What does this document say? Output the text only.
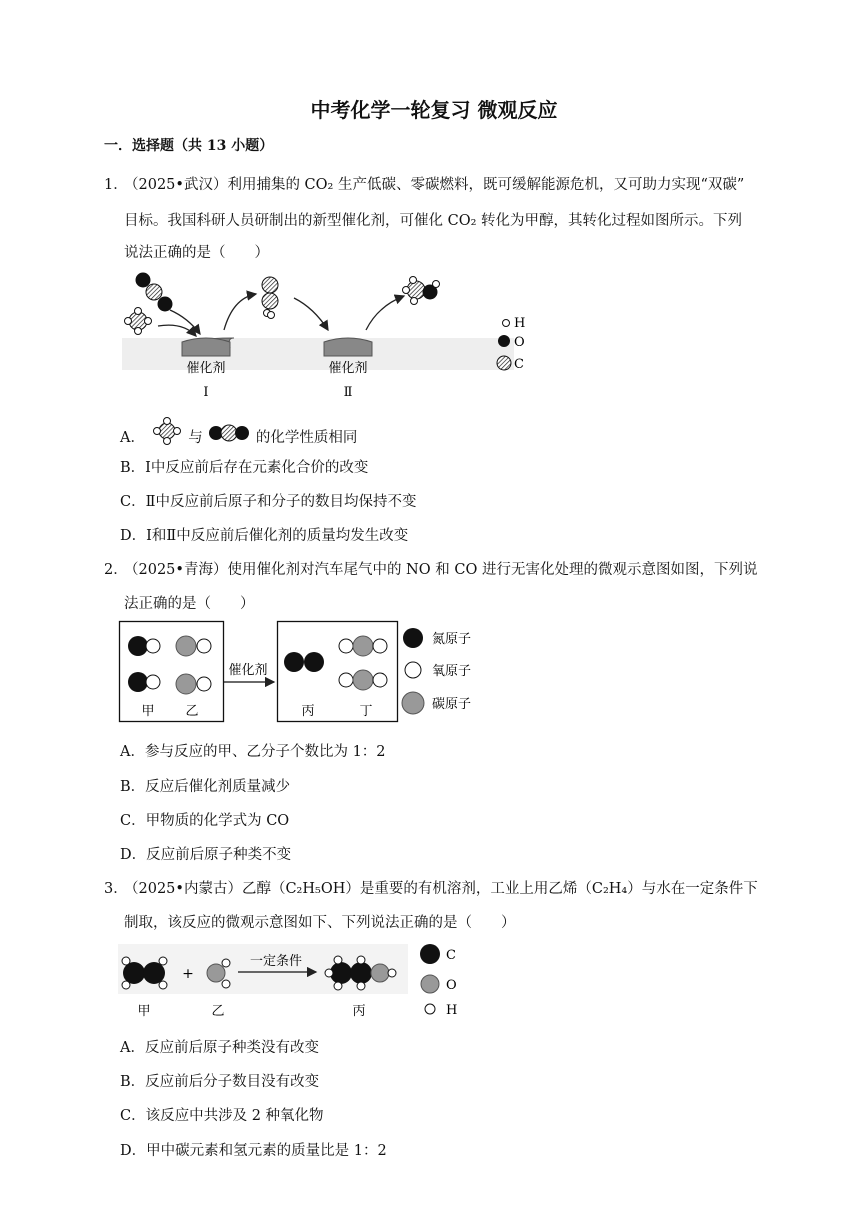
中考化学一轮复习 微观反应
一．选择题（共 13 小题）
1．
（2025•武汉）利用捕集的 CO₂ 生产低碳、零碳燃料，既可缓解能源危机，又可助力实现“双碳”
目标。我国科研人员研制出的新型催化剂，可催化 CO₂ 转化为甲醇，其转化过程如图所示。下列
说法正确的是（　　）
催化剂
Ⅰ
催化剂
Ⅱ
H
O
C
A．	与	的化学性质相同
B．Ⅰ中反应前后存在元素化合价的改变
C．Ⅱ中反应前后原子和分子的数目均保持不变
D．Ⅰ和Ⅱ中反应前后催化剂的质量均发生改变
2．
（2025•青海）使用催化剂对汽车尾气中的 NO 和 CO 进行无害化处理的微观示意图如图，下列说
法正确的是（　　）
甲 乙
催化剂
丙	丁
氮原子
氧原子
碳原子
A．参与反应的甲、乙分子个数比为 1：2
B．反应后催化剂质量减少
C．甲物质的化学式为 CO
D．反应前后原子种类不变
3．
（2025•内蒙古）乙醇（C₂H₅OH）是重要的有机溶剂，工业上用乙烯（C₂H₄）与水在一定条件下
制取，该反应的微观示意图如下、下列说法正确的是（　　）
+
一定条件
甲	乙	丙
C
O
H
A．反应前后原子种类没有改变
B．反应前后分子数目没有改变
C．该反应中共涉及 2 种氧化物
D．甲中碳元素和氢元素的质量比是 1：2
